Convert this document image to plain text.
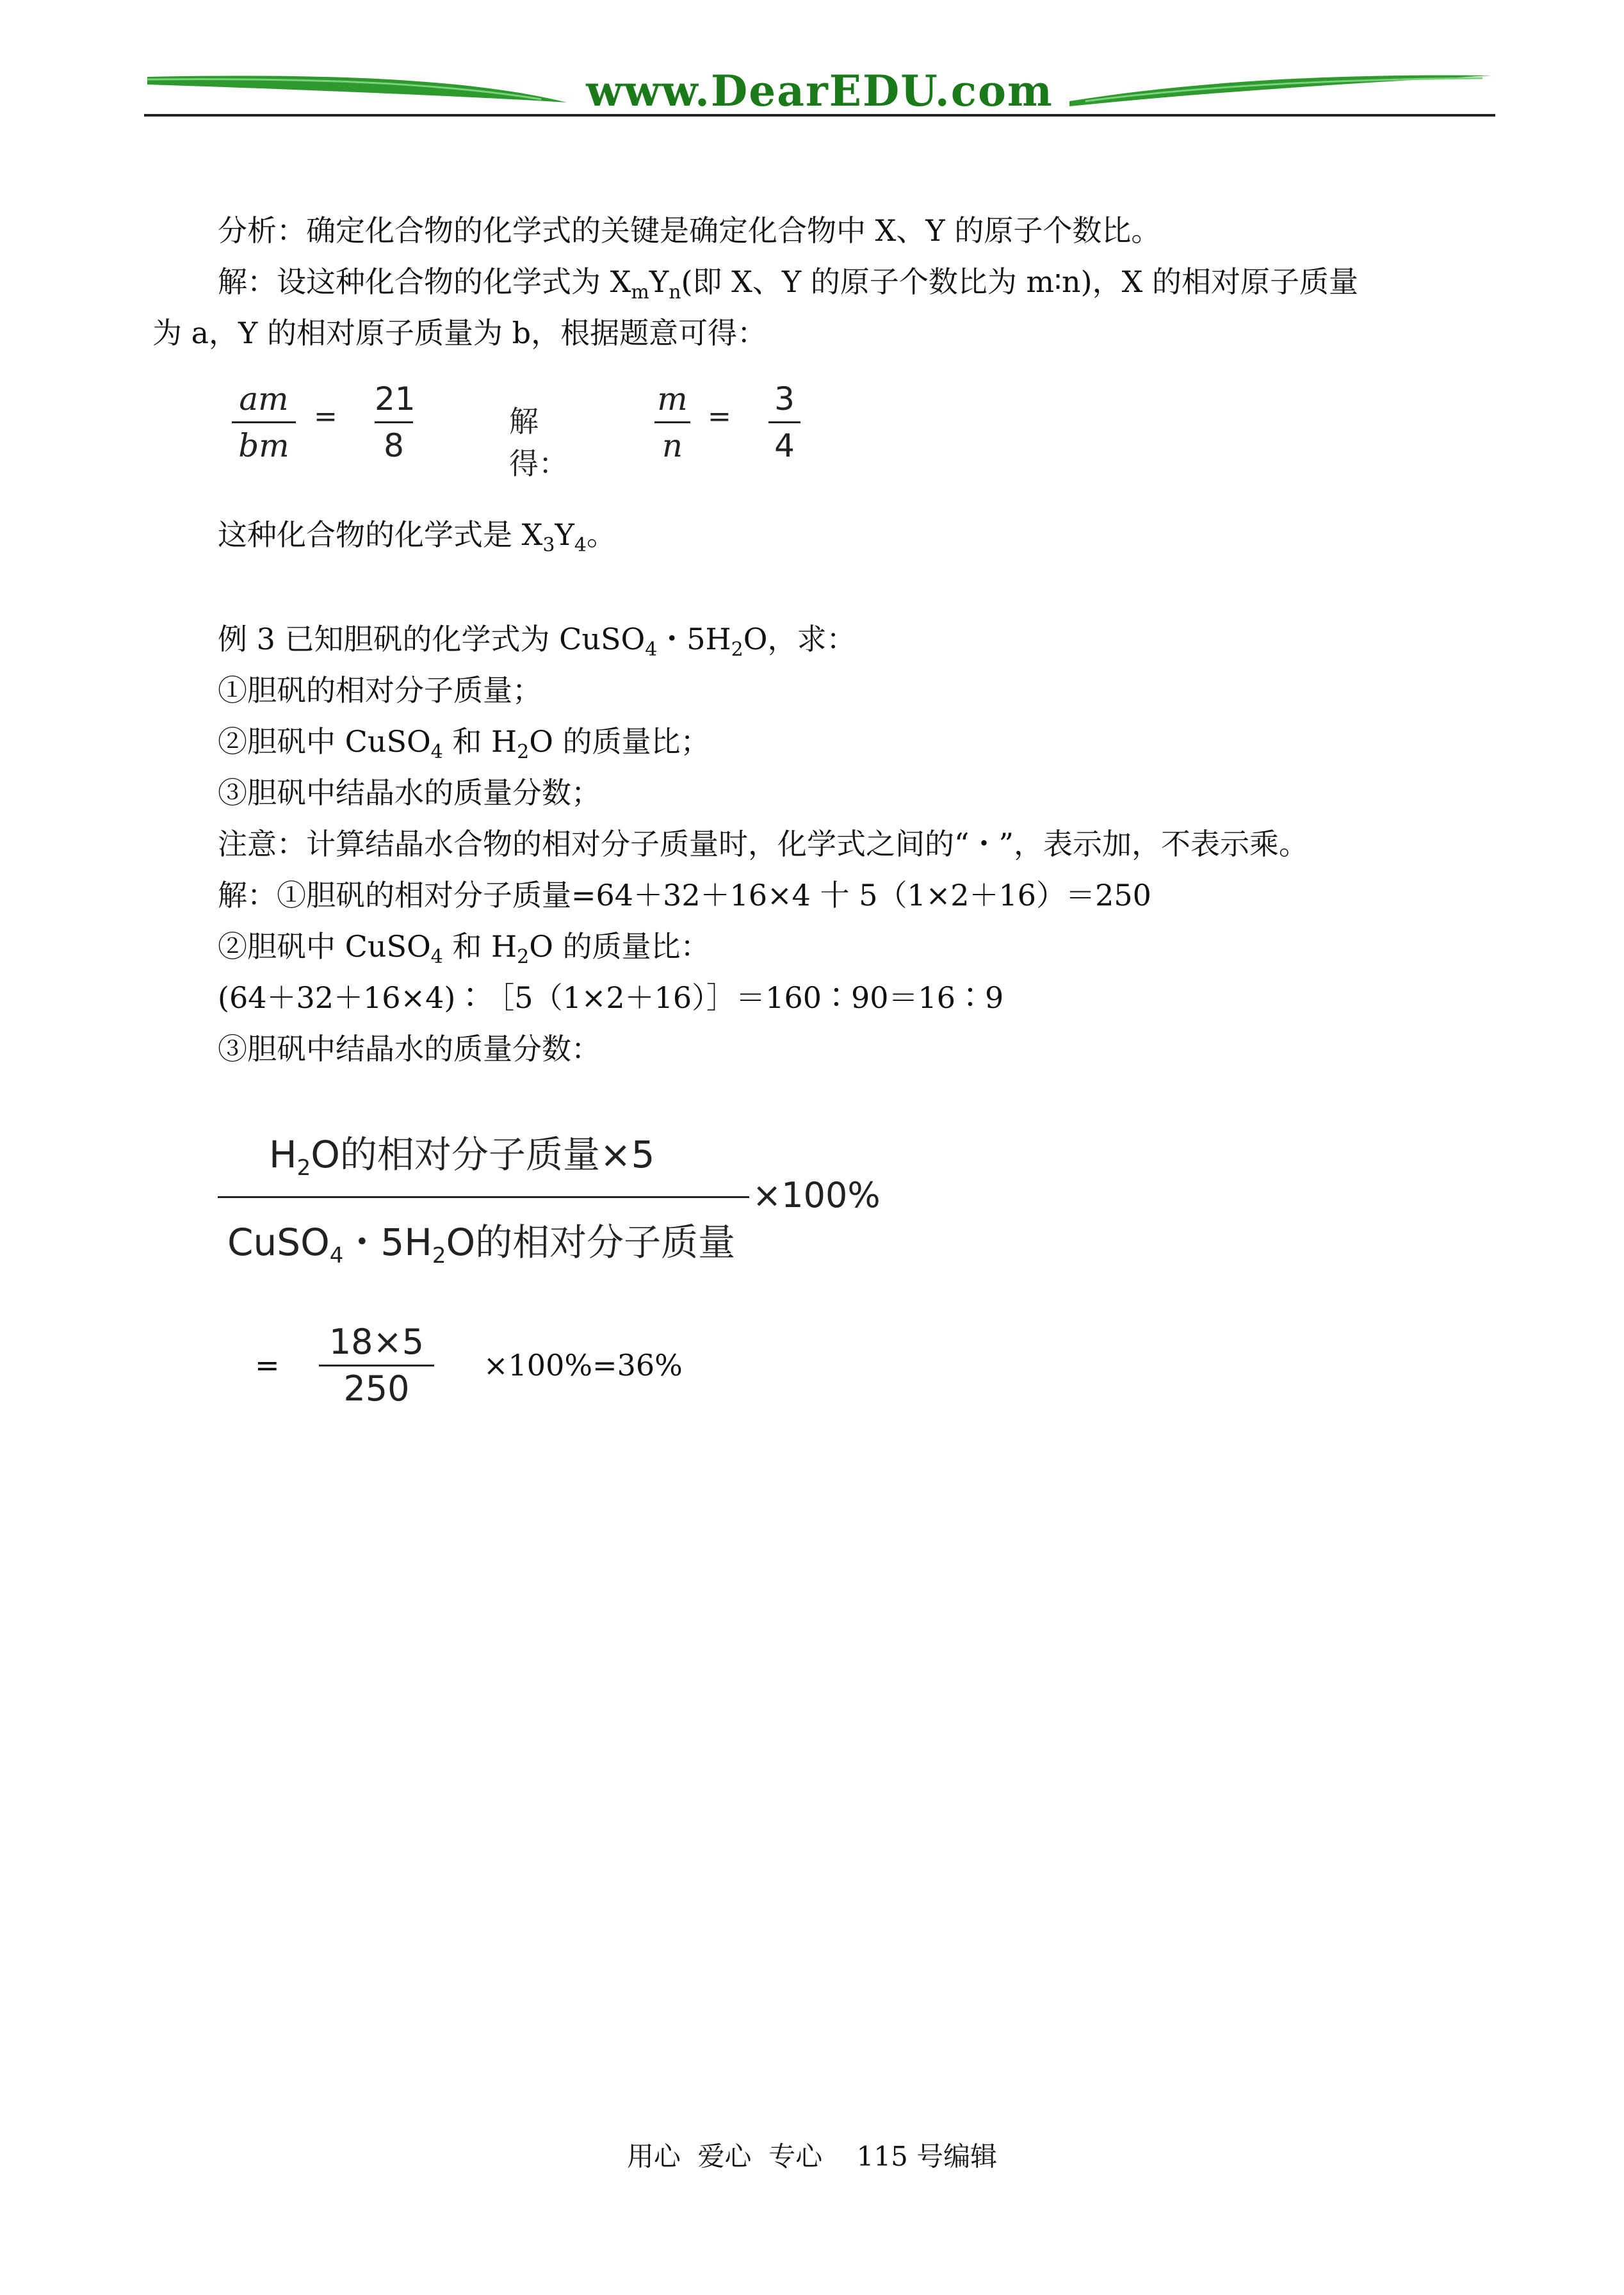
www.DearEDU.com
分析：确定化合物的化学式的关键是确定化合物中 X、Y 的原子个数比。
解：设这种化合物的化学式为 $X_mY_n$(即 X、Y 的原子个数比为 m∶n)，X 的相对原子质量
为 a，Y 的相对原子质量为 b，根据题意可得：
am
bm
= 21
8
解得：
m
n
= 3
4
这种化合物的化学式是 $X_3Y_4$。
例 3 已知胆矾的化学式为 CuSO$_4$・$5H_2O$，求：
①胆矾的相对分子质量；
②胆矾中 CuSO$_4$ 和 $H_2O$ 的质量比；
③胆矾中结晶水的质量分数；
注意：计算结晶水合物的相对分子质量时，化学式之间的“・”，表示加，不表示乘。
解：①胆矾的相对分子质量=64＋32＋16×4 十 5（1×2＋16）＝250
②胆矾中 CuSO$_4$ 和 $H_2O$ 的质量比：
(64＋32＋16×4)∶［5（1×2＋16）］＝160∶90＝16∶9
③胆矾中结晶水的质量分数：
$H_2O$的相对分子质量×5
×100%
CuSO$_4$・$5H_2O$的相对分子质量
=
18×5
250
×100%=36%
用心  爱心  专心    115 号编辑
